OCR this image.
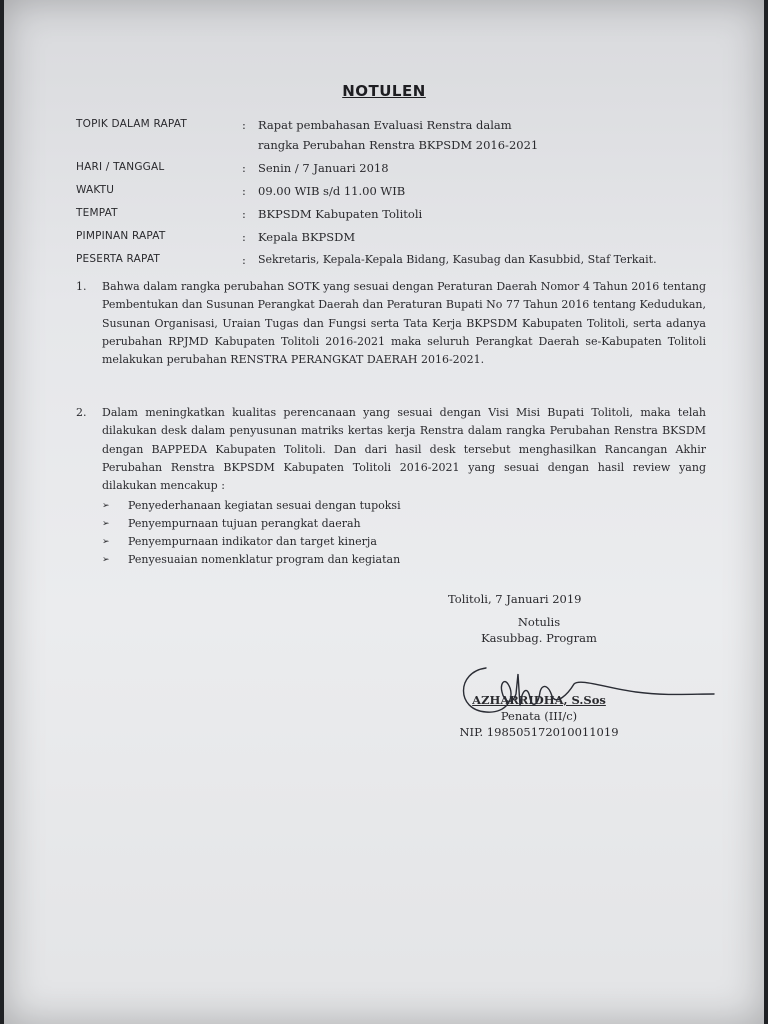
NOTULEN
TOPIK DALAM RAPAT	:	Rapat pembahasan Evaluasi Renstra dalam rangka Perubahan Renstra BKPSDM 2016-2021
HARI / TANGGAL	:	Senin / 7 Januari 2018
WAKTU	:	09.00 WIB s/d 11.00 WIB
TEMPAT	:	BKPSDM Kabupaten Tolitoli
PIMPINAN RAPAT	:	Kepala BKPSDM
PESERTA RAPAT	:	Sekretaris, Kepala-Kepala Bidang, Kasubag dan Kasubbid, Staf Terkait.
1.	Bahwa dalam rangka perubahan SOTK yang sesuai dengan Peraturan Daerah Nomor 4 Tahun 2016 tentang Pembentukan dan Susunan Perangkat Daerah dan Peraturan Bupati No 77 Tahun 2016 tentang Kedudukan, Susunan Organisasi, Uraian Tugas dan Fungsi serta Tata Kerja BKPSDM Kabupaten Tolitoli, serta adanya perubahan RPJMD Kabupaten Tolitoli 2016-2021 maka seluruh Perangkat Daerah se-Kabupaten Tolitoli melakukan perubahan RENSTRA PERANGKAT DAERAH 2016-2021.
2.	Dalam meningkatkan kualitas perencanaan yang sesuai dengan Visi Misi Bupati Tolitoli, maka telah dilakukan desk dalam penyusunan matriks kertas kerja Renstra dalam rangka Perubahan Renstra BKSDM dengan BAPPEDA Kabupaten Tolitoli. Dan dari hasil desk tersebut menghasilkan Rancangan Akhir Perubahan Renstra BKPSDM Kabupaten Tolitoli 2016-2021 yang sesuai dengan hasil review yang dilakukan mencakup :
➢	Penyederhanaan kegiatan sesuai dengan tupoksi
➢	Penyempurnaan tujuan perangkat daerah
➢	Penyempurnaan indikator dan target kinerja
➢	Penyesuaian nomenklatur program dan kegiatan
Tolitoli, 7 Januari 2019
Notulis
Kasubbag. Program
AZHARRIDHA, S.Sos
Penata (III/c)
NIP. 198505172010011019
